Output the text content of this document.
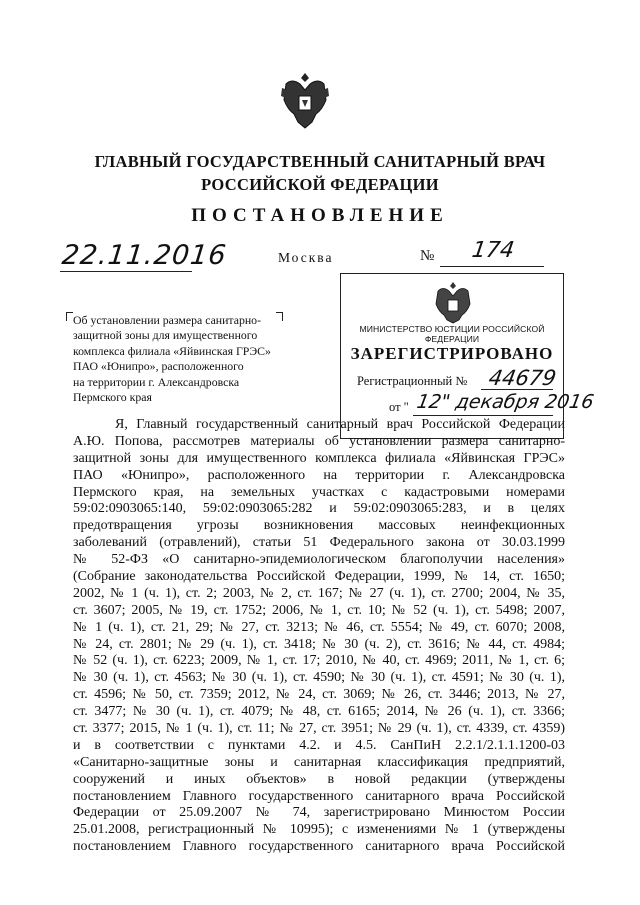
ГЛАВНЫЙ ГОСУДАРСТВЕННЫЙ САНИТАРНЫЙ ВРАЧ
РОССИЙСКОЙ ФЕДЕРАЦИИ
ПОСТАНОВЛЕНИЕ
22.11.2016	Москва	№ 174
Об установлении размера санитарно-
защитной зоны для имущественного
комплекса филиала «Яйвинская ГРЭС»
ПАО «Юнипро», расположенного
на территории г. Александровска
Пермского края
МИНИСТЕРСТВО ЮСТИЦИИ РОССИЙСКОЙ ФЕДЕРАЦИИ
ЗАРЕГИСТРИРОВАНО
Регистрационный № 44679
от " 12" декабря 2016
Я, Главный государственный санитарный врач Российской Федерации
А.Ю. Попова, рассмотрев материалы об установлении размера санитарно-
защитной зоны для имущественного комплекса филиала «Яйвинская ГРЭС»
ПАО «Юнипро», расположенного на территории г. Александровска
Пермского края, на земельных участках с кадастровыми номерами
59:02:0903065:140, 59:02:0903065:282 и 59:02:0903065:283, и в целях
предотвращения угрозы возникновения массовых неинфекционных
заболеваний (отравлений), статьи 51 Федерального закона от 30.03.1999
№ 52-ФЗ «О санитарно-эпидемиологическом благополучии населения»
(Собрание законодательства Российской Федерации, 1999, № 14, ст. 1650;
2002, № 1 (ч. 1), ст. 2; 2003, № 2, ст. 167; № 27 (ч. 1), ст. 2700; 2004, № 35,
ст. 3607; 2005, № 19, ст. 1752; 2006, № 1, ст. 10; № 52 (ч. 1), ст. 5498; 2007,
№ 1 (ч. 1), ст. 21, 29; № 27, ст. 3213; № 46, ст. 5554; № 49, ст. 6070; 2008,
№ 24, ст. 2801; № 29 (ч. 1), ст. 3418; № 30 (ч. 2), ст. 3616; № 44, ст. 4984;
№ 52 (ч. 1), ст. 6223; 2009, № 1, ст. 17; 2010, № 40, ст. 4969; 2011, № 1, ст. 6;
№ 30 (ч. 1), ст. 4563; № 30 (ч. 1), ст. 4590; № 30 (ч. 1), ст. 4591; № 30 (ч. 1),
ст. 4596; № 50, ст. 7359; 2012, № 24, ст. 3069; № 26, ст. 3446; 2013, № 27,
ст. 3477; № 30 (ч. 1), ст. 4079; № 48, ст. 6165; 2014, № 26 (ч. 1), ст. 3366;
ст. 3377; 2015, № 1 (ч. 1), ст. 11; № 27, ст. 3951; № 29 (ч. 1), ст. 4339, ст. 4359)
и в соответствии с пунктами 4.2. и 4.5. СанПиН 2.2.1/2.1.1.1200-03
«Санитарно-защитные зоны и санитарная классификация предприятий,
сооружений и иных объектов» в новой редакции (утверждены
постановлением Главного государственного санитарного врача Российской
Федерации от 25.09.2007 № 74, зарегистрировано Минюстом России
25.01.2008, регистрационный № 10995); с изменениями № 1 (утверждены
постановлением Главного государственного санитарного врача Российской
